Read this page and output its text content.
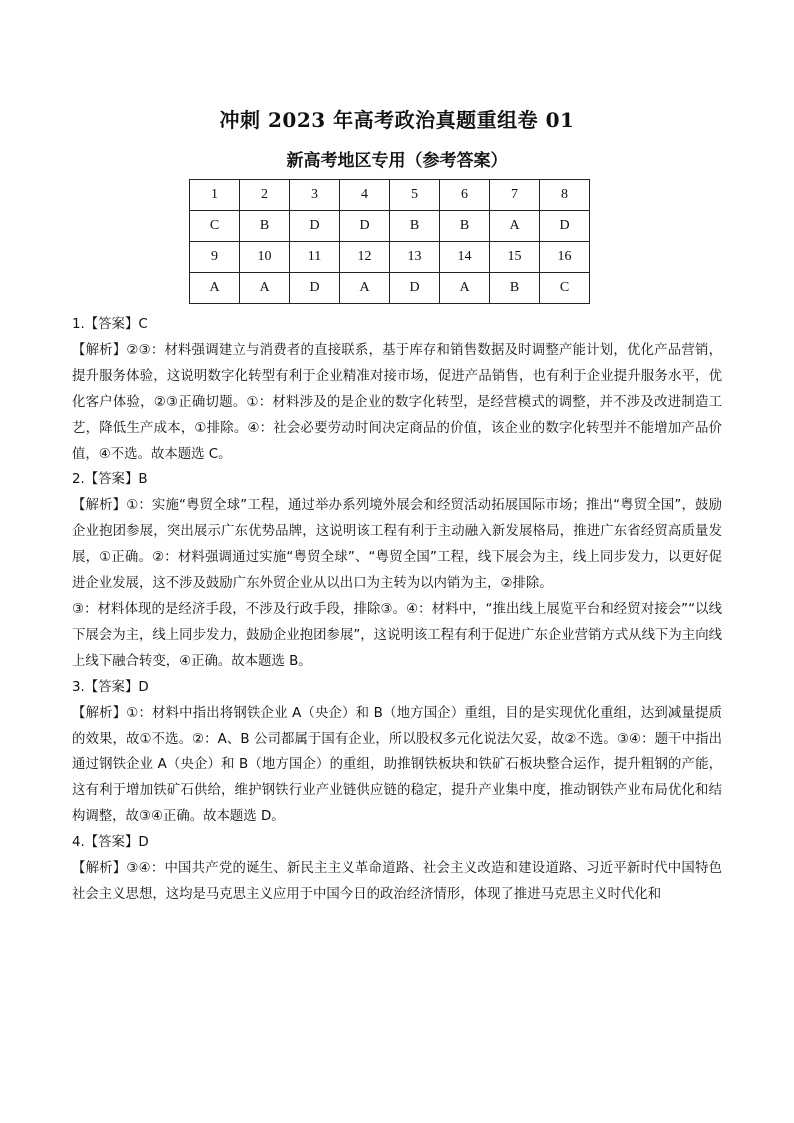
冲刺 2023 年高考政治真题重组卷 01
新高考地区专用（参考答案）
1	2	3	4	5	6	7	8
C	B	D	D	B	B	A	D
9	10	11	12	13	14	15	16
A	A	D	A	D	A	B	C

1.【答案】C

【解析】②③：材料强调建立与消费者的直接联系，基于库存和销售数据及时调整产能计划，优化产品营销，提升服务体验，这说明数字化转型有利于企业精准对接市场，促进产品销售，也有利于企业提升服务水平，优化客户体验，②③正确切题。①：材料涉及的是企业的数字化转型，是经营模式的调整，并不涉及改进制造工艺，降低生产成本，①排除。④：社会必要劳动时间决定商品的价值，该企业的数字化转型并不能增加产品价值，④不选。故本题选 C。

2.【答案】B

【解析】①：实施“粤贸全球”工程，通过举办系列境外展会和经贸活动拓展国际市场；推出“粤贸全国”，鼓励企业抱团参展，突出展示广东优势品牌，这说明该工程有利于主动融入新发展格局，推进广东省经贸高质量发展，①正确。②：材料强调通过实施“粤贸全球”、“粤贸全国”工程，线下展会为主，线上同步发力，以更好促进企业发展，这不涉及鼓励广东外贸企业从以出口为主转为以内销为主，②排除。

③：材料体现的是经济手段，不涉及行政手段，排除③。④：材料中，“推出线上展览平台和经贸对接会”“以线下展会为主，线上同步发力，鼓励企业抱团参展”，这说明该工程有利于促进广东企业营销方式从线下为主向线上线下融合转变，④正确。故本题选 B。

3.【答案】D

【解析】①：材料中指出将钢铁企业 A（央企）和 B（地方国企）重组，目的是实现优化重组，达到减量提质的效果，故①不选。②：A、B 公司都属于国有企业，所以股权多元化说法欠妥，故②不选。③④：题干中指出通过钢铁企业 A（央企）和 B（地方国企）的重组，助推钢铁板块和铁矿石板块整合运作，提升粗钢的产能，这有利于增加铁矿石供给，维护钢铁行业产业链供应链的稳定，提升产业集中度，推动钢铁产业布局优化和结构调整，故③④正确。故本题选 D。

4.【答案】D

【解析】③④：中国共产党的诞生、新民主主义革命道路、社会主义改造和建设道路、习近平新时代中国特色社会主义思想，这均是马克思主义应用于中国今日的政治经济情形，体现了推进马克思主义时代化和
